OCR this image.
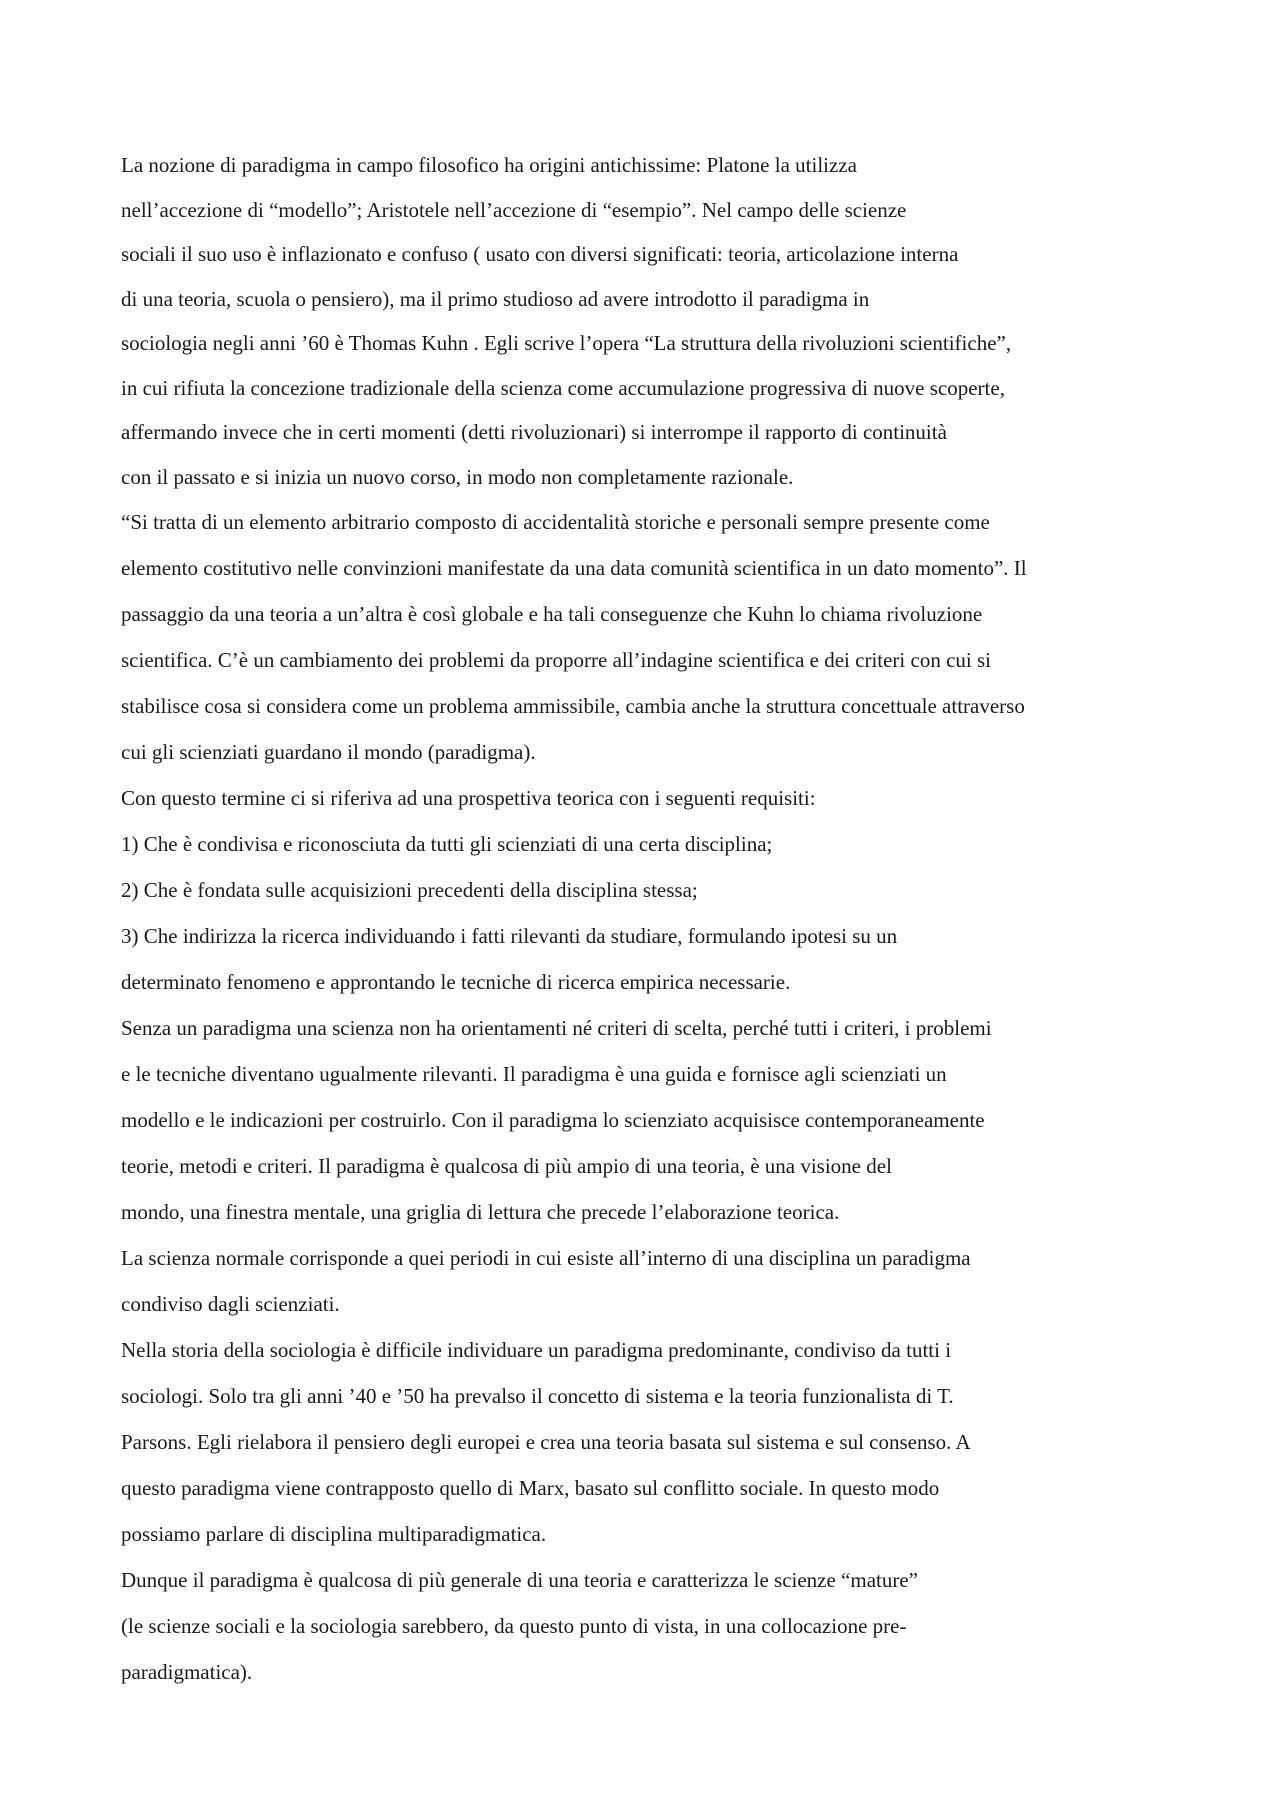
La nozione di paradigma in campo filosofico ha origini antichissime: Platone la utilizza
nell’accezione di “modello”; Aristotele nell’accezione di “esempio”. Nel campo delle scienze
sociali il suo uso è inflazionato e confuso ( usato con diversi significati: teoria, articolazione interna
di una teoria, scuola o pensiero), ma il primo studioso ad avere introdotto il paradigma in
sociologia negli anni ’60 è Thomas Kuhn . Egli scrive l’opera “La struttura della rivoluzioni scientifiche”,
in cui rifiuta la concezione tradizionale della scienza come accumulazione progressiva di nuove scoperte,
affermando invece che in certi momenti (detti rivoluzionari) si interrompe il rapporto di continuità
con il passato e si inizia un nuovo corso, in modo non completamente razionale.
“Si tratta di un elemento arbitrario composto di accidentalità storiche e personali sempre presente come
elemento costitutivo nelle convinzioni manifestate da una data comunità scientifica in un dato momento”. Il
passaggio da una teoria a un’altra è così globale e ha tali conseguenze che Kuhn lo chiama rivoluzione
scientifica. C’è un cambiamento dei problemi da proporre all’indagine scientifica e dei criteri con cui si
stabilisce cosa si considera come un problema ammissibile, cambia anche la struttura concettuale attraverso
cui gli scienziati guardano il mondo (paradigma).
Con questo termine ci si riferiva ad una prospettiva teorica con i seguenti requisiti:
1) Che è condivisa e riconosciuta da tutti gli scienziati di una certa disciplina;
2) Che è fondata sulle acquisizioni precedenti della disciplina stessa;
3) Che indirizza la ricerca individuando i fatti rilevanti da studiare, formulando ipotesi su un
determinato fenomeno e approntando le tecniche di ricerca empirica necessarie.
Senza un paradigma una scienza non ha orientamenti né criteri di scelta, perché tutti i criteri, i problemi
e le tecniche diventano ugualmente rilevanti. Il paradigma è una guida e fornisce agli scienziati un
modello e le indicazioni per costruirlo. Con il paradigma lo scienziato acquisisce contemporaneamente
teorie, metodi e criteri. Il paradigma è qualcosa di più ampio di una teoria, è una visione del
mondo, una finestra mentale, una griglia di lettura che precede l’elaborazione teorica.
La scienza normale corrisponde a quei periodi in cui esiste all’interno di una disciplina un paradigma
condiviso dagli scienziati.
Nella storia della sociologia è difficile individuare un paradigma predominante, condiviso da tutti i
sociologi. Solo tra gli anni ’40 e ’50 ha prevalso il concetto di sistema e la teoria funzionalista di T.
Parsons. Egli rielabora il pensiero degli europei e crea una teoria basata sul sistema e sul consenso. A
questo paradigma viene contrapposto quello di Marx, basato sul conflitto sociale. In questo modo
possiamo parlare di disciplina multiparadigmatica.
Dunque il paradigma è qualcosa di più generale di una teoria e caratterizza le scienze “mature”
(le scienze sociali e la sociologia sarebbero, da questo punto di vista, in una collocazione pre-
paradigmatica).
